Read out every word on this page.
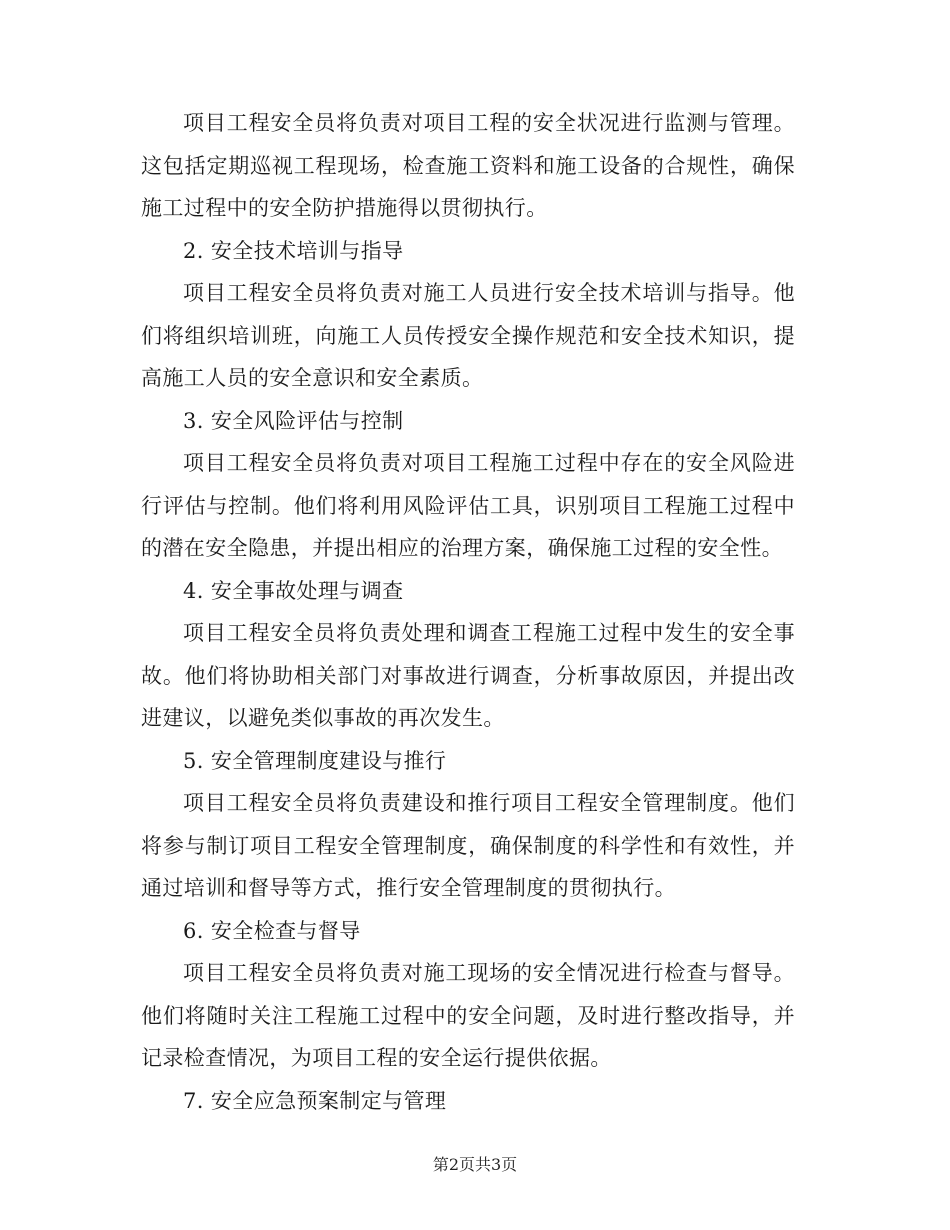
项目工程安全员将负责对项目工程的安全状况进行监测与管理。这包括定期巡视工程现场，检查施工资料和施工设备的合规性，确保施工过程中的安全防护措施得以贯彻执行。

2. 安全技术培训与指导

项目工程安全员将负责对施工人员进行安全技术培训与指导。他们将组织培训班，向施工人员传授安全操作规范和安全技术知识，提高施工人员的安全意识和安全素质。

3. 安全风险评估与控制

项目工程安全员将负责对项目工程施工过程中存在的安全风险进行评估与控制。他们将利用风险评估工具，识别项目工程施工过程中的潜在安全隐患，并提出相应的治理方案，确保施工过程的安全性。

4. 安全事故处理与调查

项目工程安全员将负责处理和调查工程施工过程中发生的安全事故。他们将协助相关部门对事故进行调查，分析事故原因，并提出改进建议，以避免类似事故的再次发生。

5. 安全管理制度建设与推行

项目工程安全员将负责建设和推行项目工程安全管理制度。他们将参与制订项目工程安全管理制度，确保制度的科学性和有效性，并通过培训和督导等方式，推行安全管理制度的贯彻执行。

6. 安全检查与督导

项目工程安全员将负责对施工现场的安全情况进行检查与督导。他们将随时关注工程施工过程中的安全问题，及时进行整改指导，并记录检查情况，为项目工程的安全运行提供依据。

7. 安全应急预案制定与管理

第2页共3页
